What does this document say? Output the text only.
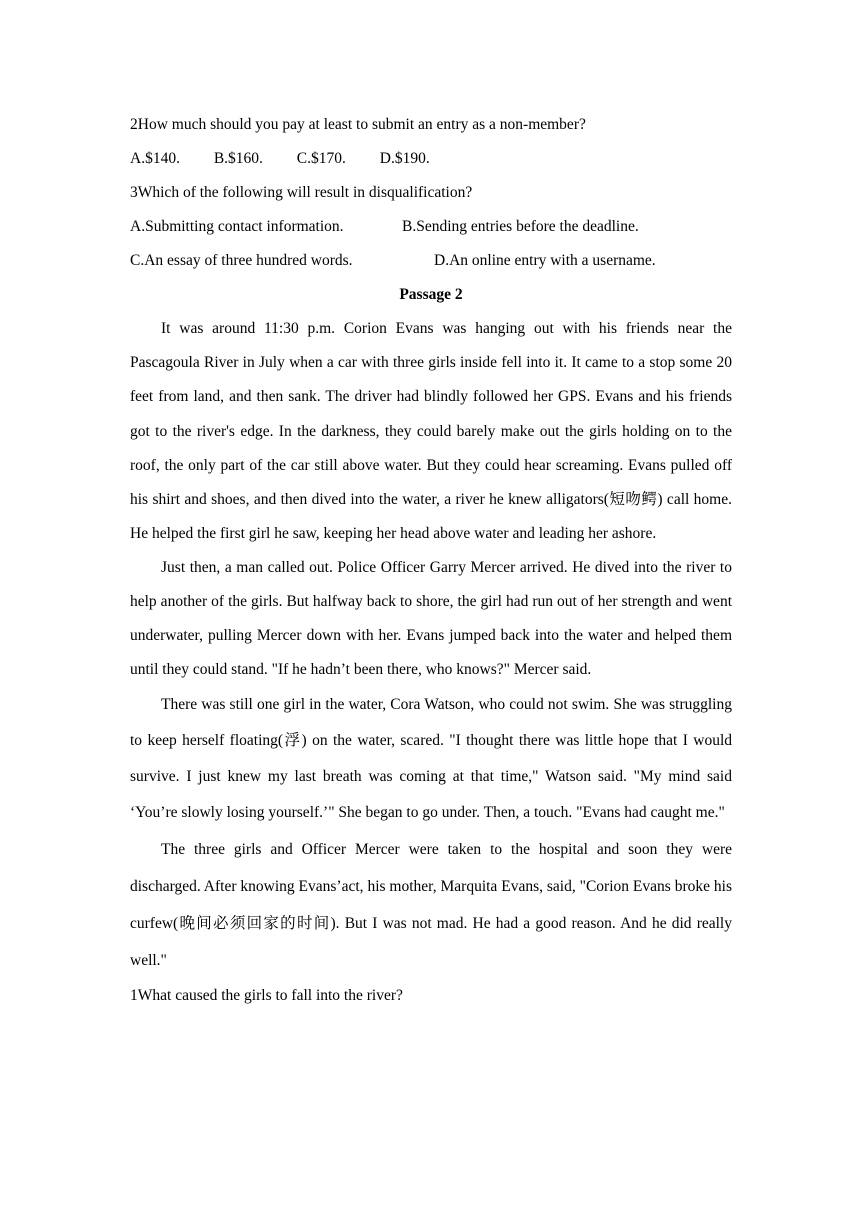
2How much should you pay at least to submit an entry as a non-member?

A.$140. B.$160. C.$170. D.$190.

3Which of the following will result in disqualification?

A.Submitting contact information.	B.Sending entries before the deadline.

C.An essay of three hundred words.	D.An online entry with a username.

Passage 2

It was around 11:30 p.m. Corion Evans was hanging out with his friends near the Pascagoula River in July when a car with three girls inside fell into it. It came to a stop some 20 feet from land, and then sank. The driver had blindly followed her GPS. Evans and his friends got to the river's edge. In the darkness, they could barely make out the girls holding on to the roof, the only part of the car still above water. But they could hear screaming. Evans pulled off his shirt and shoes, and then dived into the water, a river he knew alligators(短吻鳄) call home. He helped the first girl he saw, keeping her head above water and leading her ashore.

Just then, a man called out. Police Officer Garry Mercer arrived. He dived into the river to help another of the girls. But halfway back to shore, the girl had run out of her strength and went underwater, pulling Mercer down with her. Evans jumped back into the water and helped them until they could stand. "If he hadn’t been there, who knows?" Mercer said.

There was still one girl in the water, Cora Watson, who could not swim. She was struggling to keep herself floating(浮) on the water, scared. "I thought there was little hope that I would survive. I just knew my last breath was coming at that time," Watson said. "My mind said ‘You’re slowly losing yourself.’" She began to go under. Then, a touch. "Evans had caught me."

The three girls and Officer Mercer were taken to the hospital and soon they were discharged. After knowing Evans’act, his mother, Marquita Evans, said, "Corion Evans broke his curfew(晚间必须回家的时间). But I was not mad. He had a good reason. And he did really well."

1What caused the girls to fall into the river?
